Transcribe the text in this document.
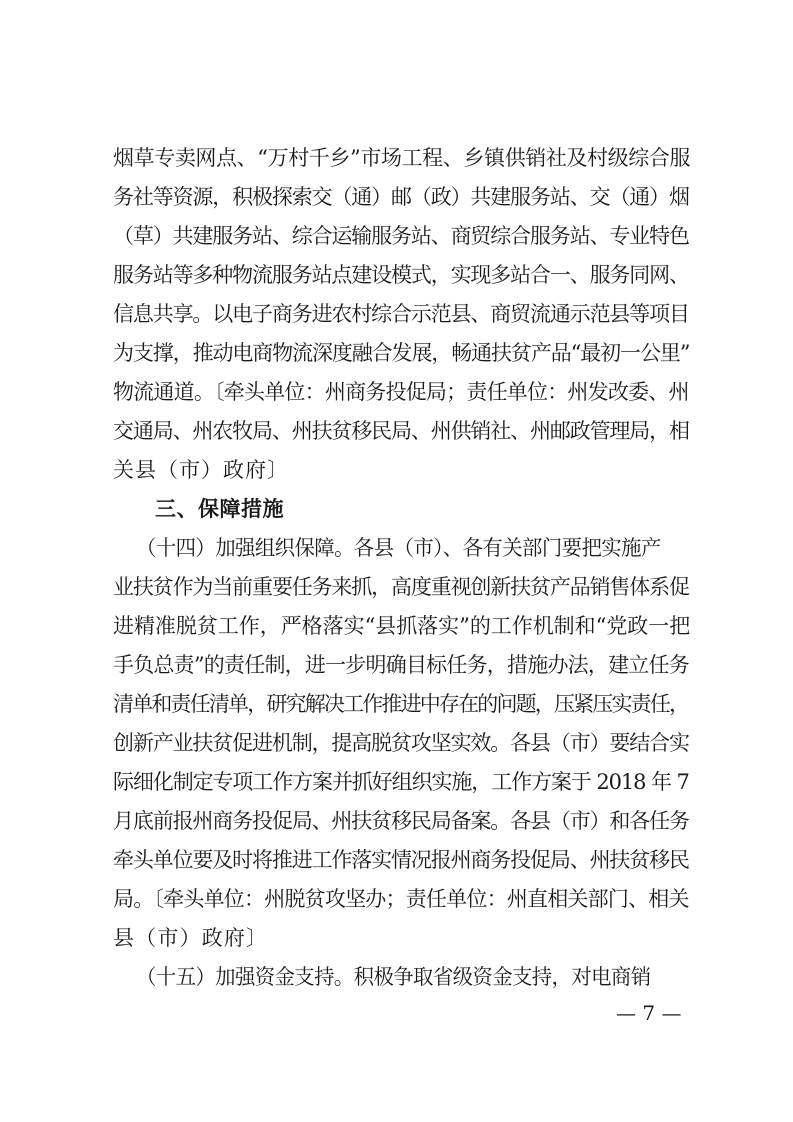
烟草专卖网点、“万村千乡”市场工程、乡镇供销社及村级综合服
务社等资源，积极探索交（通）邮（政）共建服务站、交（通）烟
（草）共建服务站、综合运输服务站、商贸综合服务站、专业特色
服务站等多种物流服务站点建设模式，实现多站合一、服务同网、
信息共享。以电子商务进农村综合示范县、商贸流通示范县等项目
为支撑，推动电商物流深度融合发展，畅通扶贫产品“最初一公里”
物流通道。〔牵头单位：州商务投促局；责任单位：州发改委、州
交通局、州农牧局、州扶贫移民局、州供销社、州邮政管理局，相
关县（市）政府〕
三、保障措施
（十四）加强组织保障。各县（市）、各有关部门要把实施产
业扶贫作为当前重要任务来抓，高度重视创新扶贫产品销售体系促
进精准脱贫工作，严格落实“县抓落实”的工作机制和“党政一把
手负总责”的责任制，进一步明确目标任务，措施办法，建立任务
清单和责任清单，研究解决工作推进中存在的问题，压紧压实责任，
创新产业扶贫促进机制，提高脱贫攻坚实效。各县（市）要结合实
际细化制定专项工作方案并抓好组织实施，工作方案于 2018 年 7
月底前报州商务投促局、州扶贫移民局备案。各县（市）和各任务
牵头单位要及时将推进工作落实情况报州商务投促局、州扶贫移民
局。〔牵头单位：州脱贫攻坚办；责任单位：州直相关部门、相关
县（市）政府〕
（十五）加强资金支持。积极争取省级资金支持，对电商销
— 7 —
